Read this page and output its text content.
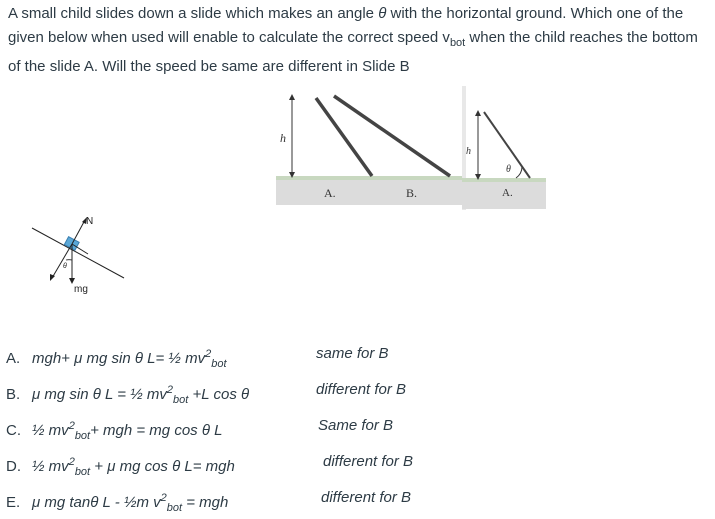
A small child slides down a slide which makes an angle θ with the horizontal ground. Which one of the given below when used will enable to calculate the correct speed $v_{bot}$ when the child reaches the bottom of the slide A. Will the speed be same are different in Slide B

h
A.	B.
h
θ
A.
N
θ
mg
A. mgh+ μ mg sin θ L= ½ $mv^2_{bot}$
B. μ mg sin θ L = ½ $mv^2_{bot} +L$ cos θ
C. ½ $mv^2_{bot}+$ mgh = mg cos θ L
D. ½ $mv^2_{bot} + \mu$ mg cos θ L= mgh
E. μ mg tanθ L - ½m $v^2_{bot}$ = mgh
same for B
different for B
Same for B
different for B
different for B
